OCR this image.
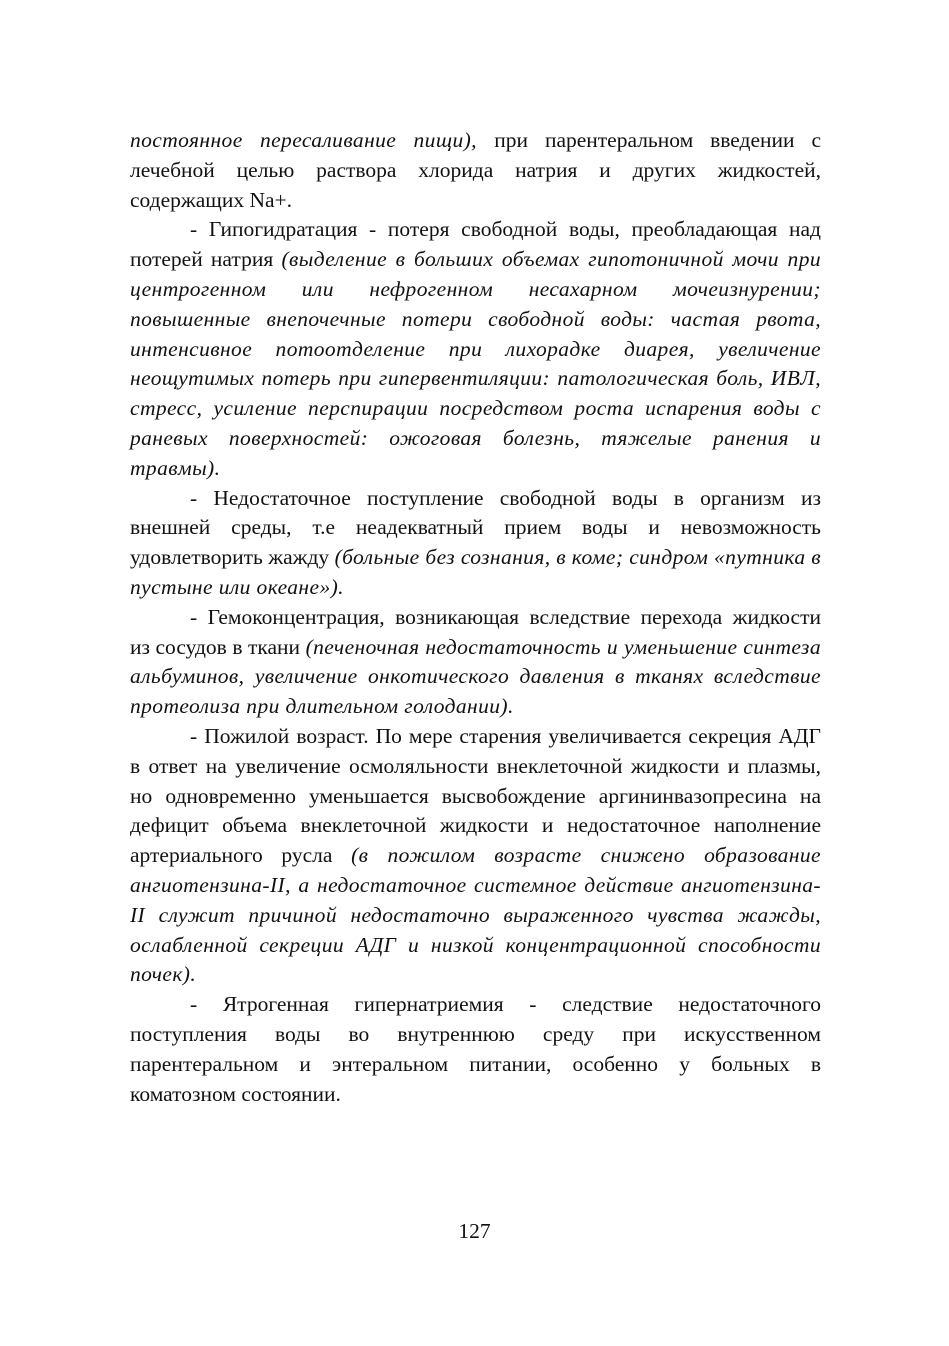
постоянное пересаливание пищи), при парентеральном введении с лечебной целью раствора хлорида натрия и других жидкостей, содержащих Na+.

- Гипогидратация - потеря свободной воды, преобладающая над потерей натрия (выделение в больших объемах гипотоничной мочи при центрогенном или нефрогенном несахарном мочеизнурении; повышенные внепочечные потери свободной воды: частая рвота, интенсивное потоотделение при лихорадке диарея, увеличение неощутимых потерь при гипервентиляции: патологическая боль, ИВЛ, стресс, усиление перспирации посредством роста испарения воды с раневых поверхностей: ожоговая болезнь, тяжелые ранения и травмы).

- Недостаточное поступление свободной воды в организм из внешней среды, т.е неадекватный прием воды и невозможность удовлетворить жажду (больные без сознания, в коме; синдром «путника в пустыне или океане»).

- Гемоконцентрация, возникающая вследствие перехода жидкости из сосудов в ткани (печеночная недостаточность и уменьшение синтеза альбуминов, увеличение онкотического давления в тканях вследствие протеолиза при длительном голодании).

- Пожилой возраст. По мере старения увеличивается секреция АДГ в ответ на увеличение осмоляльности внеклеточной жидкости и плазмы, но одновременно уменьшается высвобождение аргининвазопресина на дефицит объема внеклеточной жидкости и недостаточное наполнение артериального русла (в пожилом возрасте снижено образование ангиотензина-II, а недостаточное системное действие ангиотензина-II служит причиной недостаточно выраженного чувства жажды, ослабленной секреции АДГ и низкой концентрационной способности почек).

- Ятрогенная гипернатриемия - следствие недостаточного поступления воды во внутреннюю среду при искусственном парентеральном и энтеральном питании, особенно у больных в коматозном состоянии.

127
